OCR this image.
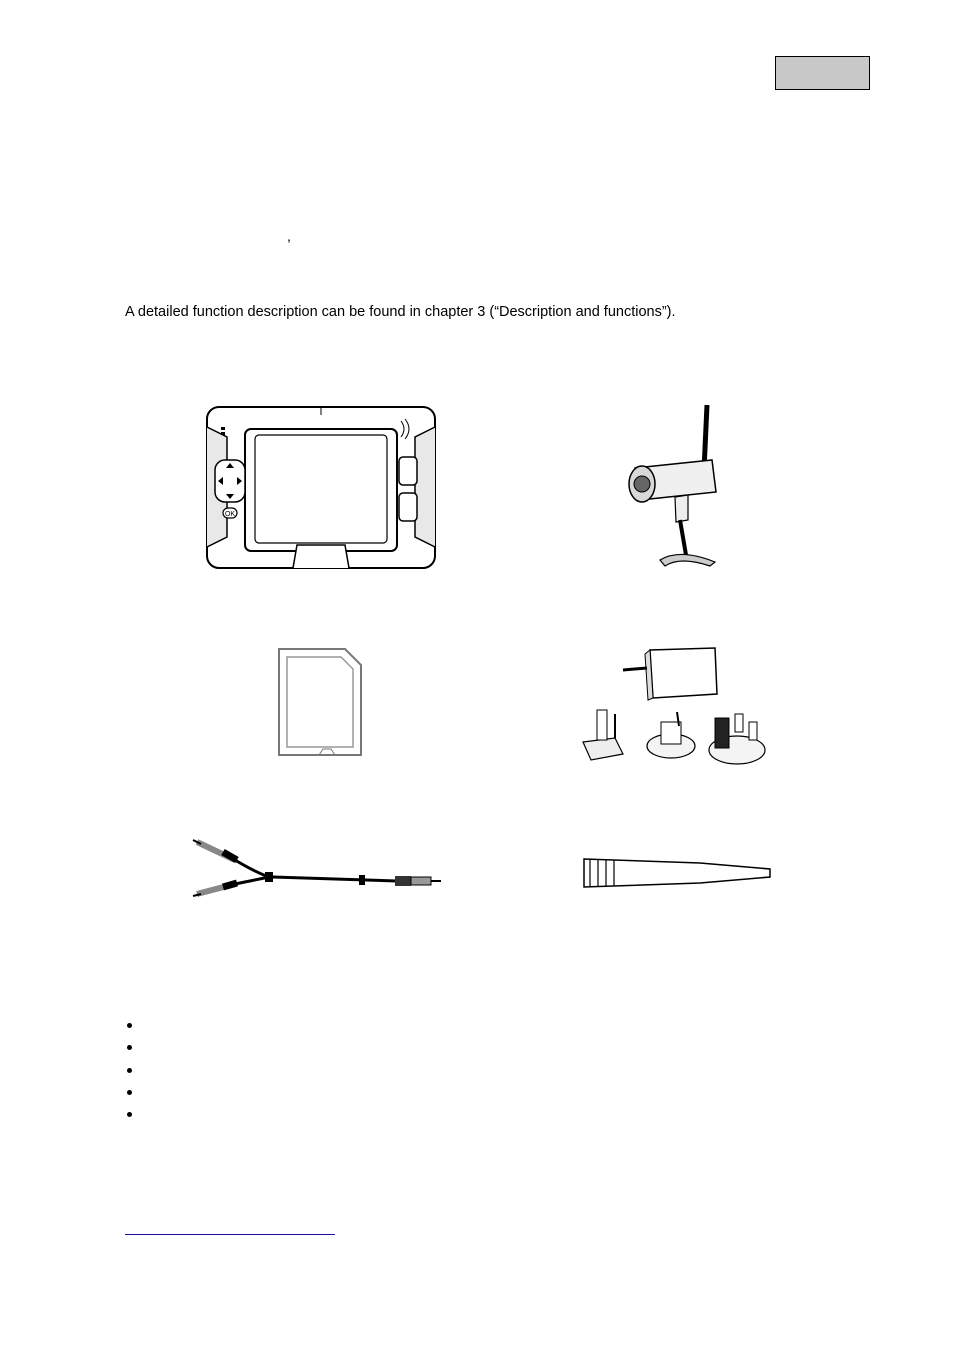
,

A detailed function description can be found in chapter 3 (“Description and functions”).

OK
